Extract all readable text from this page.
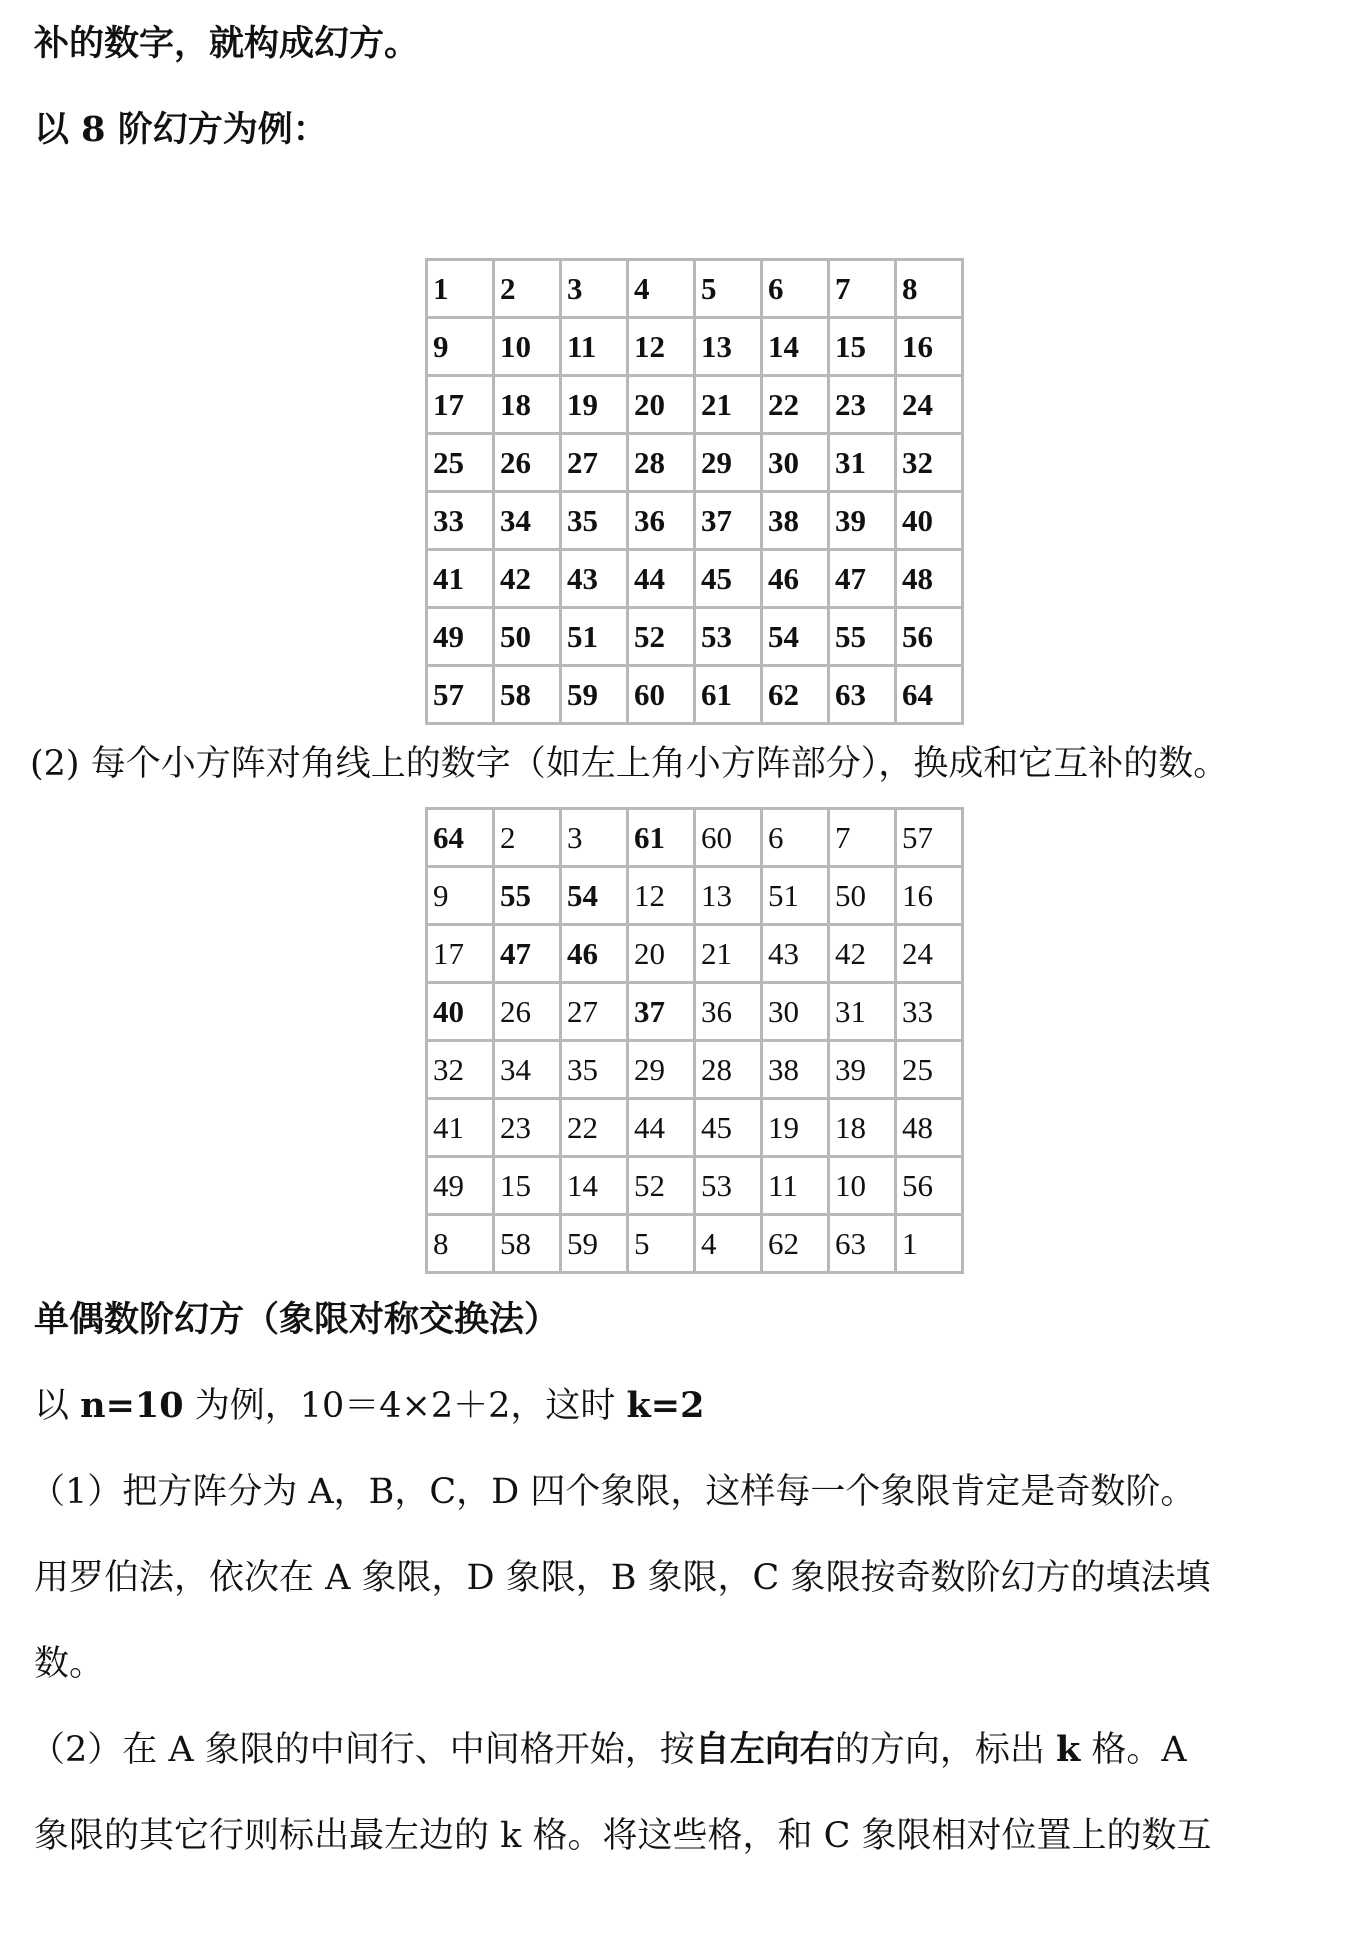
补的数字，就构成幻方。
以 8 阶幻方为例：
1	2	3	4	5	6	7	8
9	10	11	12	13	14	15	16
17	18	19	20	21	22	23	24
25	26	27	28	29	30	31	32
33	34	35	36	37	38	39	40
41	42	43	44	45	46	47	48
49	50	51	52	53	54	55	56
57	58	59	60	61	62	63	64
(2) 每个小方阵对角线上的数字（如左上角小方阵部分），换成和它互补的数。
64	2	3	61	60	6	7	57
9	55	54	12	13	51	50	16
17	47	46	20	21	43	42	24
40	26	27	37	36	30	31	33
32	34	35	29	28	38	39	25
41	23	22	44	45	19	18	48
49	15	14	52	53	11	10	56
8	58	59	5	4	62	63	1
单偶数阶幻方（象限对称交换法）
以 n=10 为例，10＝4×2＋2，这时 k=2
（1）把方阵分为 A，B，C，D 四个象限，这样每一个象限肯定是奇数阶。
用罗伯法，依次在 A 象限，D 象限，B 象限，C 象限按奇数阶幻方的填法填
数。
（2）在 A 象限的中间行、中间格开始，按自左向右的方向，标出 k 格。A
象限的其它行则标出最左边的 k 格。将这些格，和 C 象限相对位置上的数互
